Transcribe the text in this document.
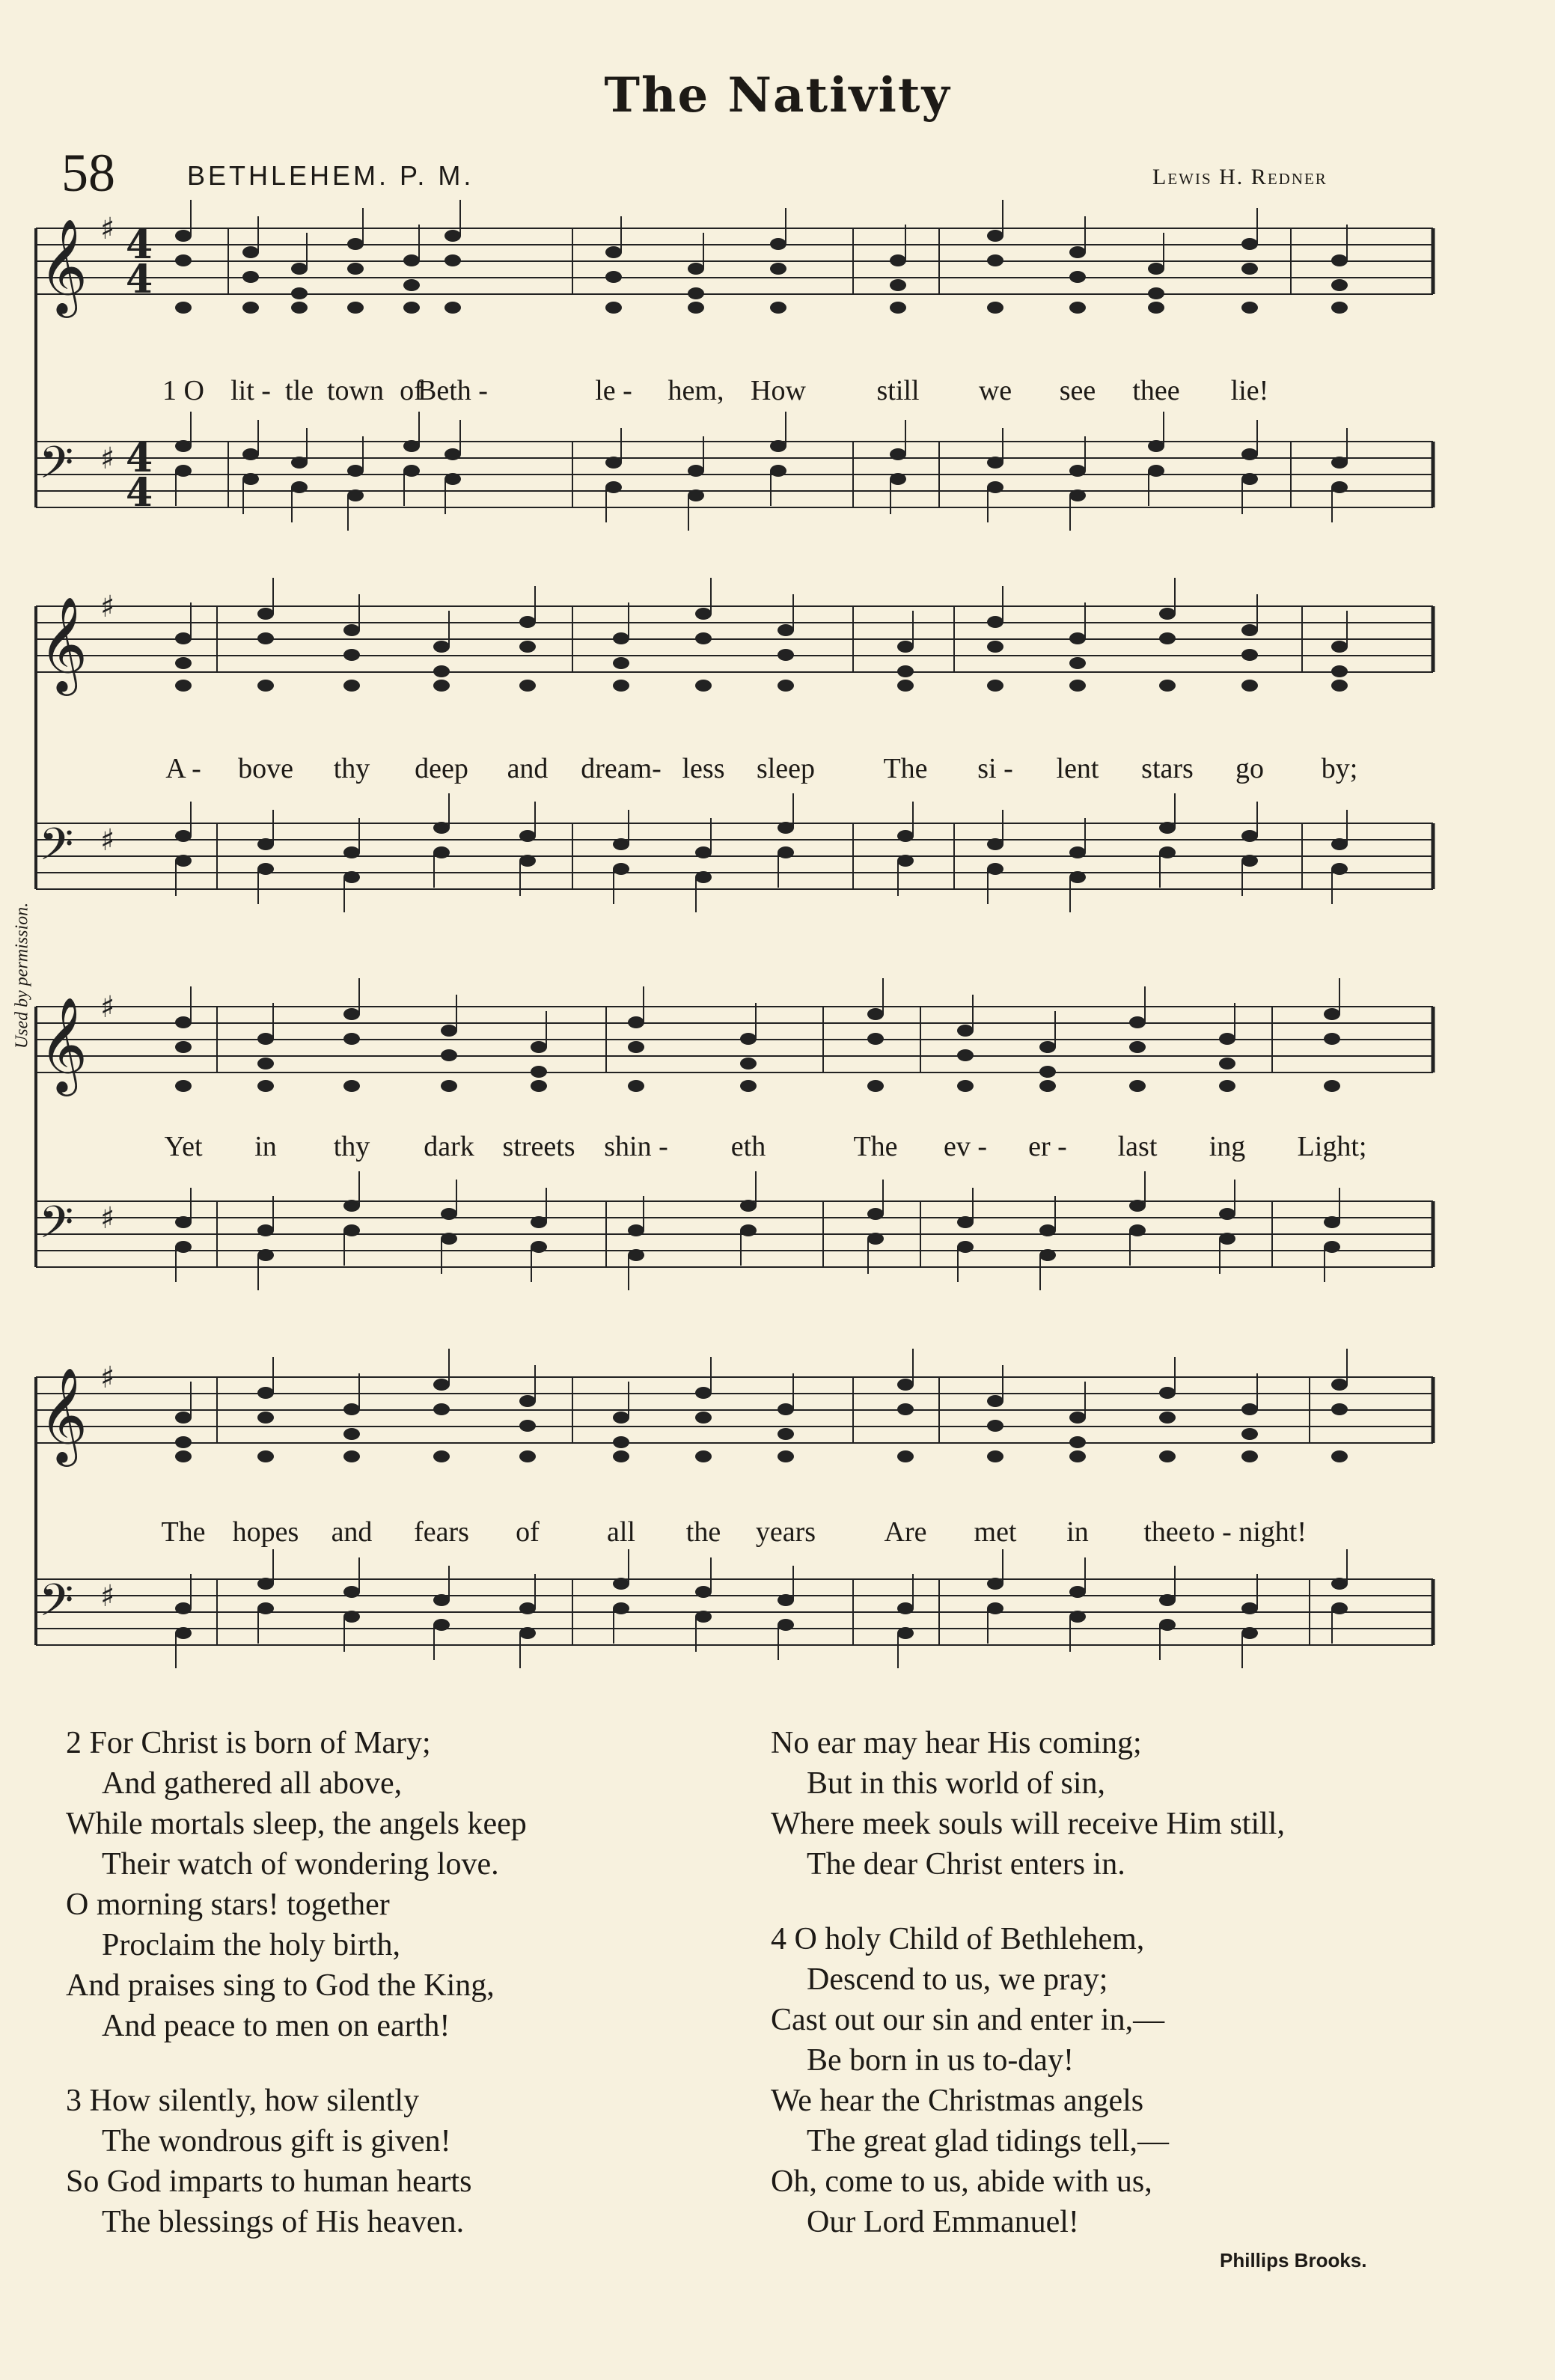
The Nativity
58	BETHLEHEM. P. M.	Lewis H. Redner
Used by permission.
𝄞 ♯ 4
4
𝄢 ♯ 4
4
𝄞 ♯
𝄢 ♯
𝄞 ♯
𝄢 ♯
𝄞 ♯
𝄢 ♯
1 O lit - tle town of
Beth -	le - hem, How still we see thee lie!
A - bove thy deep and dream- less sleep The si - lent stars go by;
Yet in thy dark streets shin - eth	The ev - er - last ing Light;
The hopes and fears of all the years Are met in thee to - night!
2 For Christ is born of Mary;
And gathered all above,
While mortals sleep, the angels keep
Their watch of wondering love.
O morning stars! together
Proclaim the holy birth,
And praises sing to God the King,
And peace to men on earth!
3 How silently, how silently
The wondrous gift is given!
So God imparts to human hearts
The blessings of His heaven.
No ear may hear His coming;
But in this world of sin,
Where meek souls will receive Him still,
The dear Christ enters in.
4 O holy Child of Bethlehem,
Descend to us, we pray;
Cast out our sin and enter in,—
Be born in us to-day!
We hear the Christmas angels
The great glad tidings tell,—
Oh, come to us, abide with us,
Our Lord Emmanuel!
Phillips Brooks.
